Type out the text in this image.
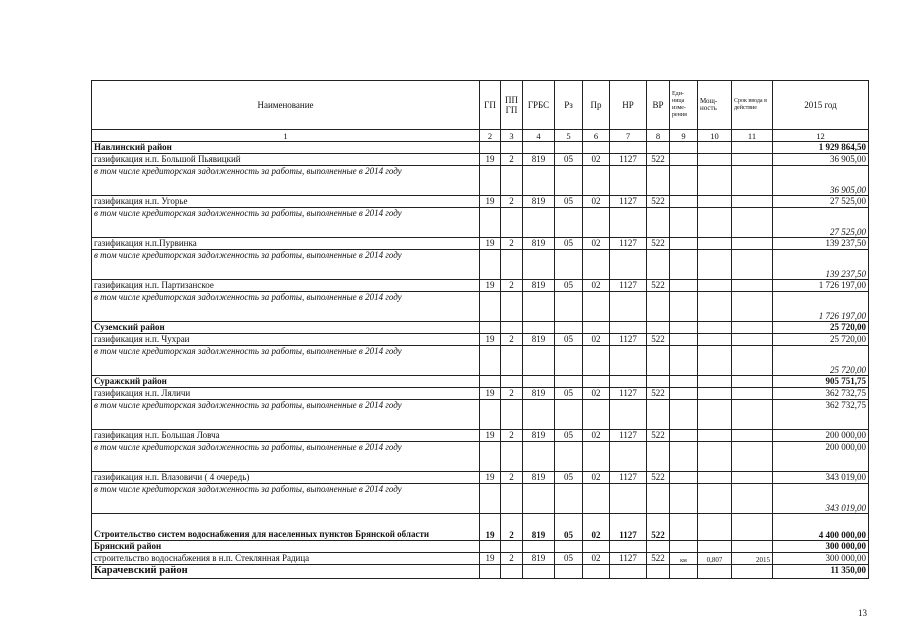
Наименование	ГП	ПП ГП	ГРБС	Рз	Пр	НР	ВР	Еди-ница изме-рения	Мощ-ность	Срок ввода в действие	2015 год
1	2	3	4	5	6	7	8	9	10	11	12
Навлинский район											1 929 864,50
газификация н.п. Большой Пьявицкий	19	2	819	05	02	1127	522				36 905,00
в том числе кредиторская задолженность за работы, выполненные в 2014 году											36 905,00
газификация н.п. Угорье	19	2	819	05	02	1127	522				27 525,00
в том числе кредиторская задолженность за работы, выполненные в 2014 году											27 525,00
газификация н.п.Пурвинка	19	2	819	05	02	1127	522				139 237,50
в том числе кредиторская задолженность за работы, выполненные в 2014 году											139 237,50
газификация н.п. Партизанское	19	2	819	05	02	1127	522				1 726 197,00
в том числе кредиторская задолженность за работы, выполненные в 2014 году											1 726 197,00
Суземский район											25 720,00
газификация н.п. Чухраи	19	2	819	05	02	1127	522				25 720,00
в том числе кредиторская задолженность за работы, выполненные в 2014 году											25 720,00
Суражский район											905 751,75
газификация н.п. Ляличи	19	2	819	05	02	1127	522				362 732,75
в том числе кредиторская задолженность за работы, выполненные в 2014 году											362 732,75
газификация н.п. Большая Ловча	19	2	819	05	02	1127	522				200 000,00
в том числе кредиторская задолженность за работы, выполненные в 2014 году											200 000,00
газификация н.п. Влазовичи ( 4 очередь)	19	2	819	05	02	1127	522				343 019,00
в том числе кредиторская задолженность за работы, выполненные в 2014 году											343 019,00
Строительство систем водоснабжения для населенных пунктов Брянской области	19	2	819	05	02	1127	522				4 400 000,00
Брянский район											300 000,00
строительство водоснабжения в н.п. Стеклянная Радица	19	2	819	05	02	1127	522	км	0,807	2015	300 000,00
Карачевский район											11 350,00
13
